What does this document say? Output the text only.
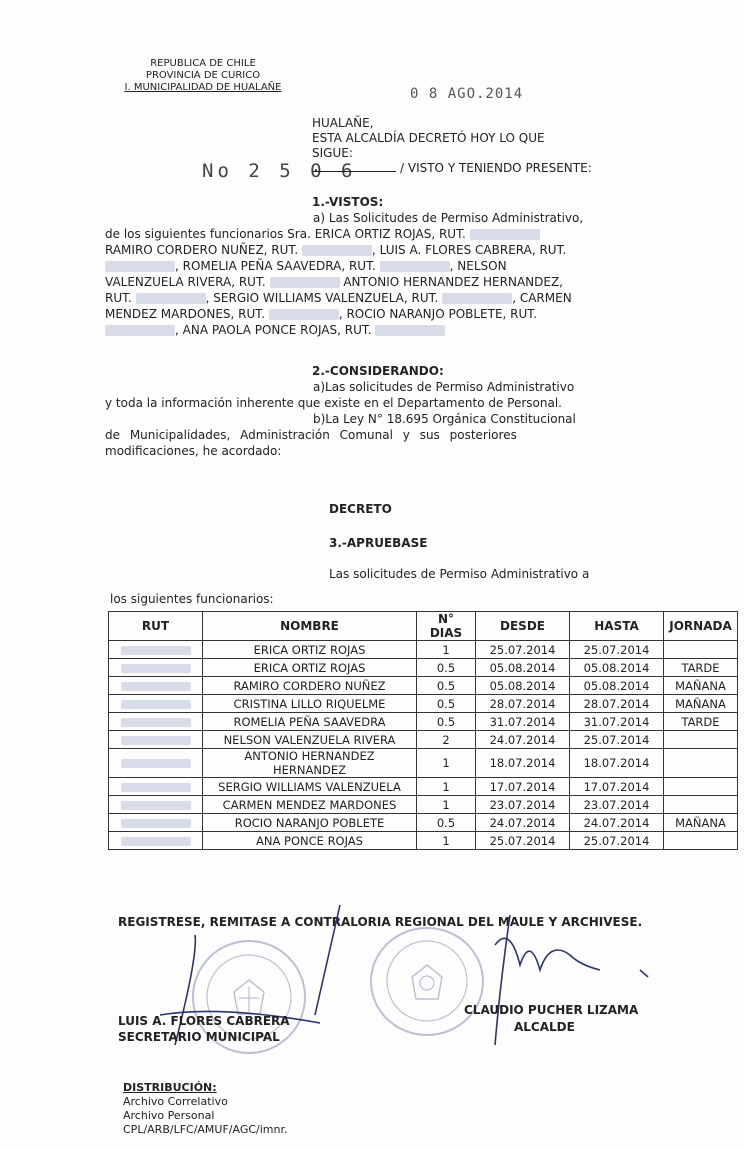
REPUBLICA DE CHILE
PROVINCIA DE CURICO
I. MUNICIPALIDAD DE HUALAÑE	0 8 AGO.2014
HUALAÑE,
ESTA ALCALDÍA DECRETÓ HOY LO QUE
SIGUE:
No 2 5 0 6	/ VISTO Y TENIENDO PRESENTE:
1.-VISTOS:
a) Las Solicitudes de Permiso Administrativo,
de los siguientes funcionarios Sra. ERICA ORTIZ ROJAS, RUT.
RAMIRO CORDERO NUÑEZ, RUT.	, LUIS A. FLORES CABRERA, RUT.
, ROMELIA PEÑA SAAVEDRA, RUT.	, NELSON
VALENZUELA RIVERA, RUT.	ANTONIO HERNANDEZ HERNANDEZ,
RUT.	, SERGIO WILLIAMS VALENZUELA, RUT.	, CARMEN
MENDEZ MARDONES, RUT.	, ROCIO NARANJO POBLETE, RUT.
, ANA PAOLA PONCE ROJAS, RUT.
2.-CONSIDERANDO:
a)Las solicitudes de Permiso Administrativo
y toda la información inherente que existe en el Departamento de Personal.
b)La Ley N° 18.695 Orgánica Constitucional
de Municipalidades, Administración Comunal y sus posteriores
modificaciones, he acordado:
DECRETO
3.-APRUEBASE
Las solicitudes de Permiso Administrativo a
los siguientes funcionarios:
RUT	NOMBRE	N° DIAS	DESDE	HASTA	JORNADA
	ERICA ORTIZ ROJAS	1	25.07.2014	25.07.2014	
	ERICA ORTIZ ROJAS	0.5	05.08.2014	05.08.2014	TARDE
	RAMIRO CORDERO NUÑEZ	0.5	05.08.2014	05.08.2014	MAÑANA
	CRISTINA LILLO RIQUELME	0.5	28.07.2014	28.07.2014	MAÑANA
	ROMELIA PEÑA SAAVEDRA	0.5	31.07.2014	31.07.2014	TARDE
	NELSON VALENZUELA RIVERA	2	24.07.2014	25.07.2014	
	ANTONIO HERNANDEZ HERNANDEZ	1	18.07.2014	18.07.2014	
	SERGIO WILLIAMS VALENZUELA	1	17.07.2014	17.07.2014	
	CARMEN MENDEZ MARDONES	1	23.07.2014	23.07.2014	
	ROCIO NARANJO POBLETE	0.5	24.07.2014	24.07.2014	MAÑANA
	ANA PONCE ROJAS	1	25.07.2014	25.07.2014	
REGISTRESE, REMITASE A CONTRALORIA REGIONAL DEL MAULE Y ARCHIVESE.
LUIS A. FLORES CABRERA
SECRETARIO MUNICIPAL
CLAUDIO PUCHER LIZAMA
ALCALDE
DISTRIBUCIÓN:
Archivo Correlativo
Archivo Personal
CPL/ARB/LFC/AMUF/AGC/imnr.
